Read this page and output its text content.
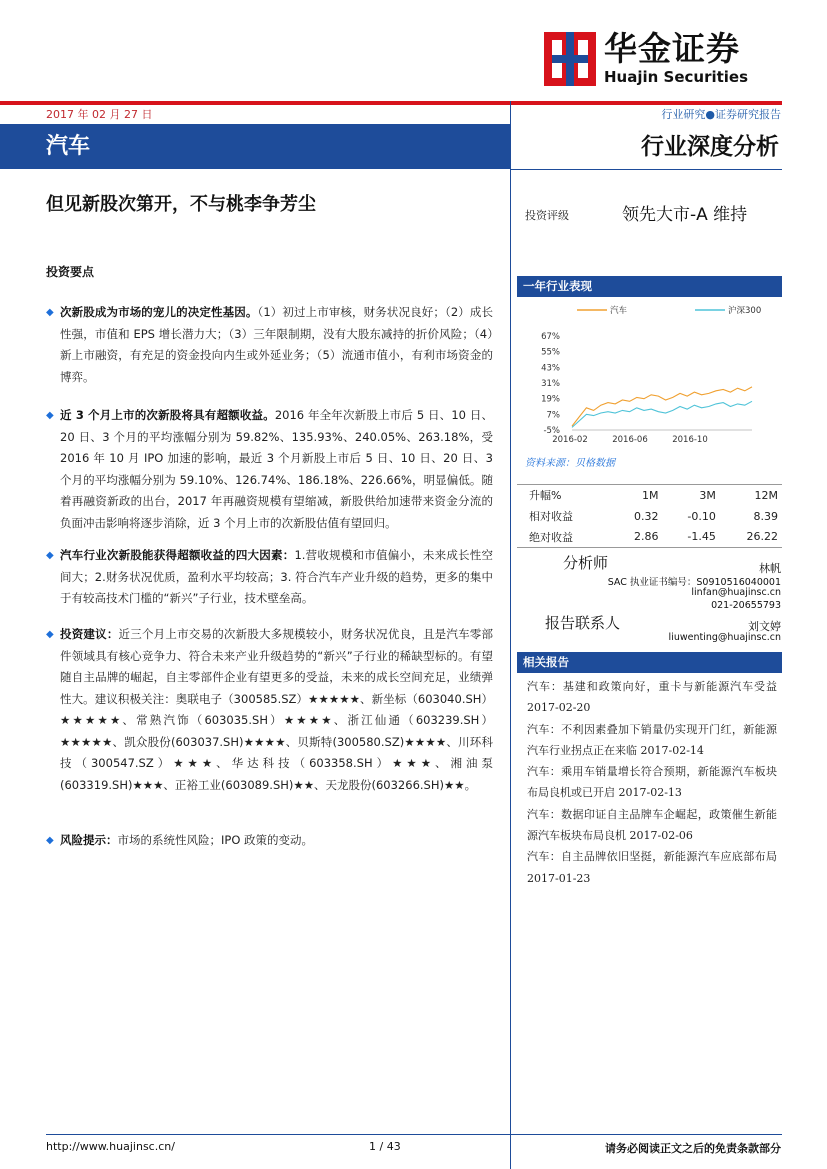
华金证券
Huajin Securities
2017 年 02 月 27 日	行业研究●证券研究报告
汽车	行业深度分析
但见新股次第开，不与桃李争芳尘
投资要点
◆ 次新股成为市场的宠儿的决定性基因。（1）初过上市审核，财务状况良好；（2）成长性强，市值和 EPS 增长潜力大；（3）三年限制期，没有大股东减持的折价风险；（4）新上市融资，有充足的资金投向内生或外延业务；（5）流通市值小，有利市场资金的博弈。
◆ 近 3 个月上市的次新股将具有超额收益。2016 年全年次新股上市后 5 日、10 日、20 日、3 个月的平均涨幅分别为 59.82%、135.93%、240.05%、263.18%，受 2016 年 10 月 IPO 加速的影响，最近 3 个月新股上市后 5 日、10 日、20 日、3 个月的平均涨幅分别为 59.10%、126.74%、186.18%、226.66%，明显偏低。随着再融资新政的出台，2017 年再融资规模有望缩减，新股供给加速带来资金分流的负面冲击影响将逐步消除，近 3 个月上市的次新股估值有望回归。
◆ 汽车行业次新股能获得超额收益的四大因素：1.营收规模和市值偏小，未来成长性空间大；2.财务状况优质，盈利水平均较高；3. 符合汽车产业升级的趋势，更多的集中于有较高技术门槛的“新兴”子行业，技术壁垒高。
◆ 投资建议：近三个月上市交易的次新股大多规模较小，财务状况优良，且是汽车零部件领域具有核心竞争力、符合未来产业升级趋势的“新兴”子行业的稀缺型标的。有望随自主品牌的崛起，自主零部件企业有望更多的受益，未来的成长空间充足，业绩弹性大。建议积极关注：奥联电子（300585.SZ）★★★★★、新坐标（603040.SH）★★★★★、常熟汽饰（603035.SH）★★★★、浙江仙通（603239.SH）★★★★★、凯众股份(603037.SH)★★★★、贝斯特(300580.SZ)★★★★、川环科技（300547.SZ）★★★、华达科技（603358.SH）★★★、湘油泵(603319.SH)★★★、正裕工业(603089.SH)★★、天龙股份(603266.SH)★★。
◆ 风险提示：市场的系统性风险；IPO 政策的变动。
投资评级	领先大市-A 维持
一年行业表现
汽车	沪深300
67%
55%
43%
31%
19%
7%
-5%
2016-02	2016-06	2016-10
资料来源：贝格数据
升幅%	1M	3M	12M
相对收益	0.32	-0.10	8.39
绝对收益	2.86	-1.45	26.22
分析师	林帆
SAC 执业证书编号：S0910516040001
linfan@huajinsc.cn
021-20655793
报告联系人	刘文婷
liuwenting@huajinsc.cn
相关报告
汽车：基建和政策向好，重卡与新能源汽车受益 2017-02-20
汽车：不利因素叠加下销量仍实现开门红，新能源汽车行业拐点正在来临 2017-02-14
汽车：乘用车销量增长符合预期，新能源汽车板块布局良机或已开启 2017-02-13
汽车：数据印证自主品牌车企崛起，政策催生新能源汽车板块布局良机 2017-02-06
汽车：自主品牌依旧坚挺，新能源汽车应底部布局 2017-01-23
http://www.huajinsc.cn/	1 / 43	请务必阅读正文之后的免责条款部分
